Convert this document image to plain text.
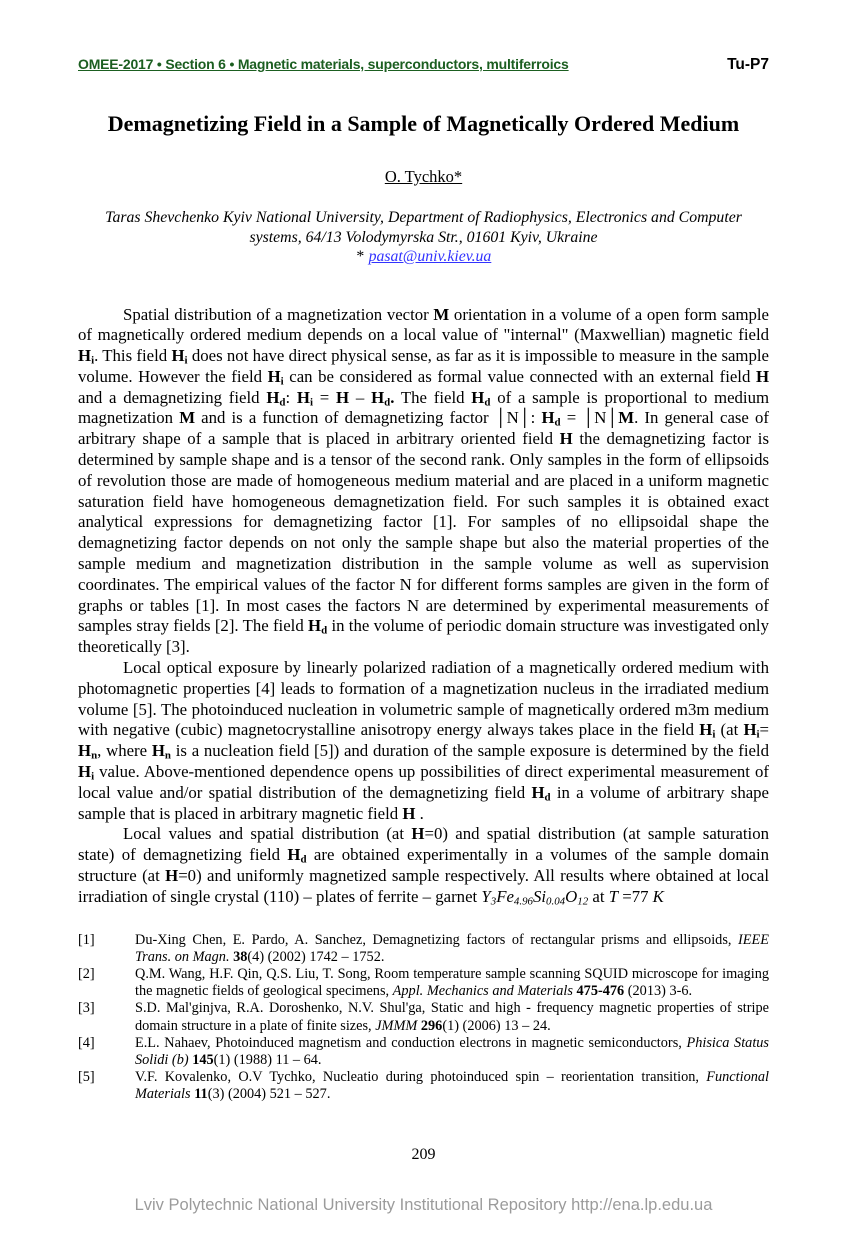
OMEE-2017 • Section 6 • Magnetic materials, superconductors, multiferroics	Tu-P7
Demagnetizing Field in a Sample of Magnetically Ordered Medium
O. Tychko*
Taras Shevchenko Kyiv National University, Department of Radiophysics, Electronics and Computer
systems, 64/13 Volodymyrska Str., 01601 Kyiv, Ukraine
* pasat@univ.kiev.ua

Spatial distribution of a magnetization vector M orientation in a volume of a open form sample of magnetically ordered medium depends on a local value of "internal" (Maxwellian) magnetic field $H_i$. This field $H_i$ does not have direct physical sense, as far as it is impossible to measure in the sample volume. However the field $H_i$ can be considered as formal value connected with an external field H and a demagnetizing field $H_d$: $H_i = H - H_d$. The field $H_d$ of a sample is proportional to medium magnetization M and is a function of demagnetizing factor │N│: $H_d$ = │N│M. In general case of arbitrary shape of a sample that is placed in arbitrary oriented field H the demagnetizing factor is determined by sample shape and is a tensor of the second rank. Only samples in the form of ellipsoids of revolution those are made of homogeneous medium material and are placed in a uniform magnetic saturation field have homogeneous demagnetization field. For such samples it is obtained exact analytical expressions for demagnetizing factor [1]. For samples of no ellipsoidal shape the demagnetizing factor depends on not only the sample shape but also the material properties of the sample medium and magnetization distribution in the sample volume as well as supervision coordinates. The empirical values of the factor N for different forms samples are given in the form of graphs or tables [1]. In most cases the factors N are determined by experimental measurements of samples stray fields [2]. The field $H_d$ in the volume of periodic domain structure was investigated only theoretically [3].

Local optical exposure by linearly polarized radiation of a magnetically ordered medium with photomagnetic properties [4] leads to formation of a magnetization nucleus in the irradiated medium volume [5]. The photoinduced nucleation in volumetric sample of magnetically ordered m3m medium with negative (cubic) magnetocrystalline anisotropy energy always takes place in the field $H_i$ (at $H_i= H_n$, where $H_n$ is a nucleation field [5]) and duration of the sample exposure is determined by the field $H_i$ value. Above-mentioned dependence opens up possibilities of direct experimental measurement of local value and/or spatial distribution of the demagnetizing field $H_d$ in a volume of arbitrary shape sample that is placed in arbitrary magnetic field H .

Local values and spatial distribution (at H=0) and spatial distribution (at sample saturation state) of demagnetizing field $H_d$ are obtained experimentally in a volumes of the sample domain structure (at H=0) and uniformly magnetized sample respectively. All results where obtained at local irradiation of single crystal (110) – plates of ferrite – garnet $Y_3Fe_{4.96}Si_{0.04}O_{12}$ at T =77 K

[1]	Du-Xing Chen, E. Pardo, A. Sanchez, Demagnetizing factors of rectangular prisms and ellipsoids, IEEE Trans. on Magn. 38(4) (2002) 1742 – 1752.
[2]	Q.M. Wang, H.F. Qin, Q.S. Liu, T. Song, Room temperature sample scanning SQUID microscope for imaging the magnetic fields of geological specimens, Appl. Mechanics and Materials 475-476 (2013) 3-6.
[3]	S.D. Mal'ginjva, R.A. Doroshenko, N.V. Shul'ga, Static and high - frequency magnetic properties of stripe domain structure in a plate of finite sizes, JMMM 296(1) (2006) 13 – 24.
[4]	E.L. Nahaev, Photoinduced magnetism and conduction electrons in magnetic semiconductors, Phisica Status Solidi (b) 145(1) (1988) 11 – 64.
[5]	V.F. Kovalenko, O.V Tychko, Nucleatio during photoinduced spin – reorientation transition, Functional Materials 11(3) (2004) 521 – 527.
209
Lviv Polytechnic National University Institutional Repository http://ena.lp.edu.ua
